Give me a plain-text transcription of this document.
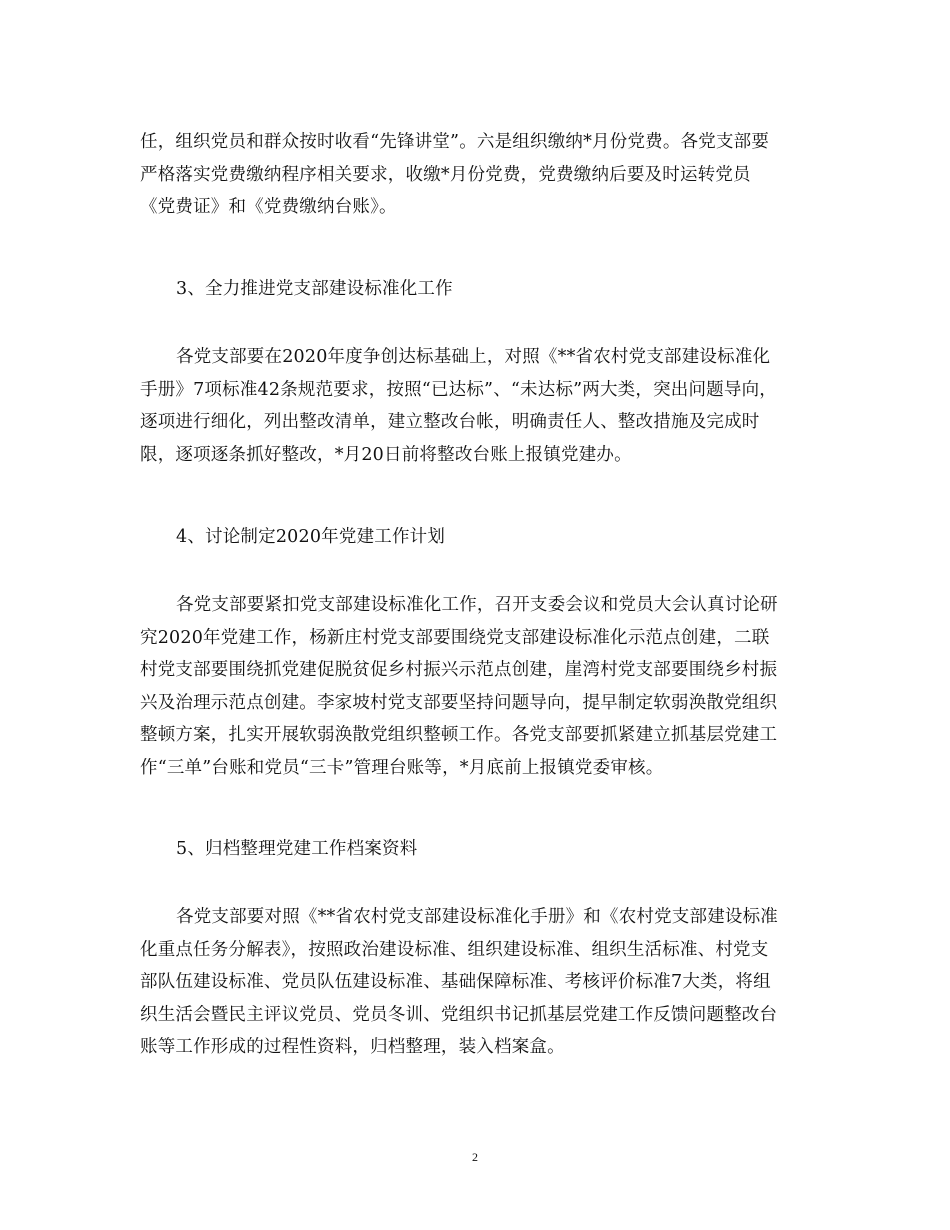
任，组织党员和群众按时收看“先锋讲堂”。六是组织缴纳*月份党费。各党支部要
严格落实党费缴纳程序相关要求，收缴*月份党费，党费缴纳后要及时运转党员
《党费证》和《党费缴纳台账》。
3、全力推进党支部建设标准化工作
各党支部要在2020年度争创达标基础上，对照《**省农村党支部建设标准化
手册》7项标准42条规范要求，按照“已达标”、“未达标”两大类，突出问题导向，
逐项进行细化，列出整改清单，建立整改台帐，明确责任人、整改措施及完成时
限，逐项逐条抓好整改，*月20日前将整改台账上报镇党建办。
4、讨论制定2020年党建工作计划
各党支部要紧扣党支部建设标准化工作，召开支委会议和党员大会认真讨论研
究2020年党建工作，杨新庄村党支部要围绕党支部建设标准化示范点创建，二联
村党支部要围绕抓党建促脱贫促乡村振兴示范点创建，崖湾村党支部要围绕乡村振
兴及治理示范点创建。李家坡村党支部要坚持问题导向，提早制定软弱涣散党组织
整顿方案，扎实开展软弱涣散党组织整顿工作。各党支部要抓紧建立抓基层党建工
作“三单”台账和党员“三卡”管理台账等，*月底前上报镇党委审核。
5、归档整理党建工作档案资料
各党支部要对照《**省农村党支部建设标准化手册》和《农村党支部建设标准
化重点任务分解表》，按照政治建设标准、组织建设标准、组织生活标准、村党支
部队伍建设标准、党员队伍建设标准、基础保障标准、考核评价标准7大类，将组
织生活会暨民主评议党员、党员冬训、党组织书记抓基层党建工作反馈问题整改台
账等工作形成的过程性资料，归档整理，装入档案盒。
2
